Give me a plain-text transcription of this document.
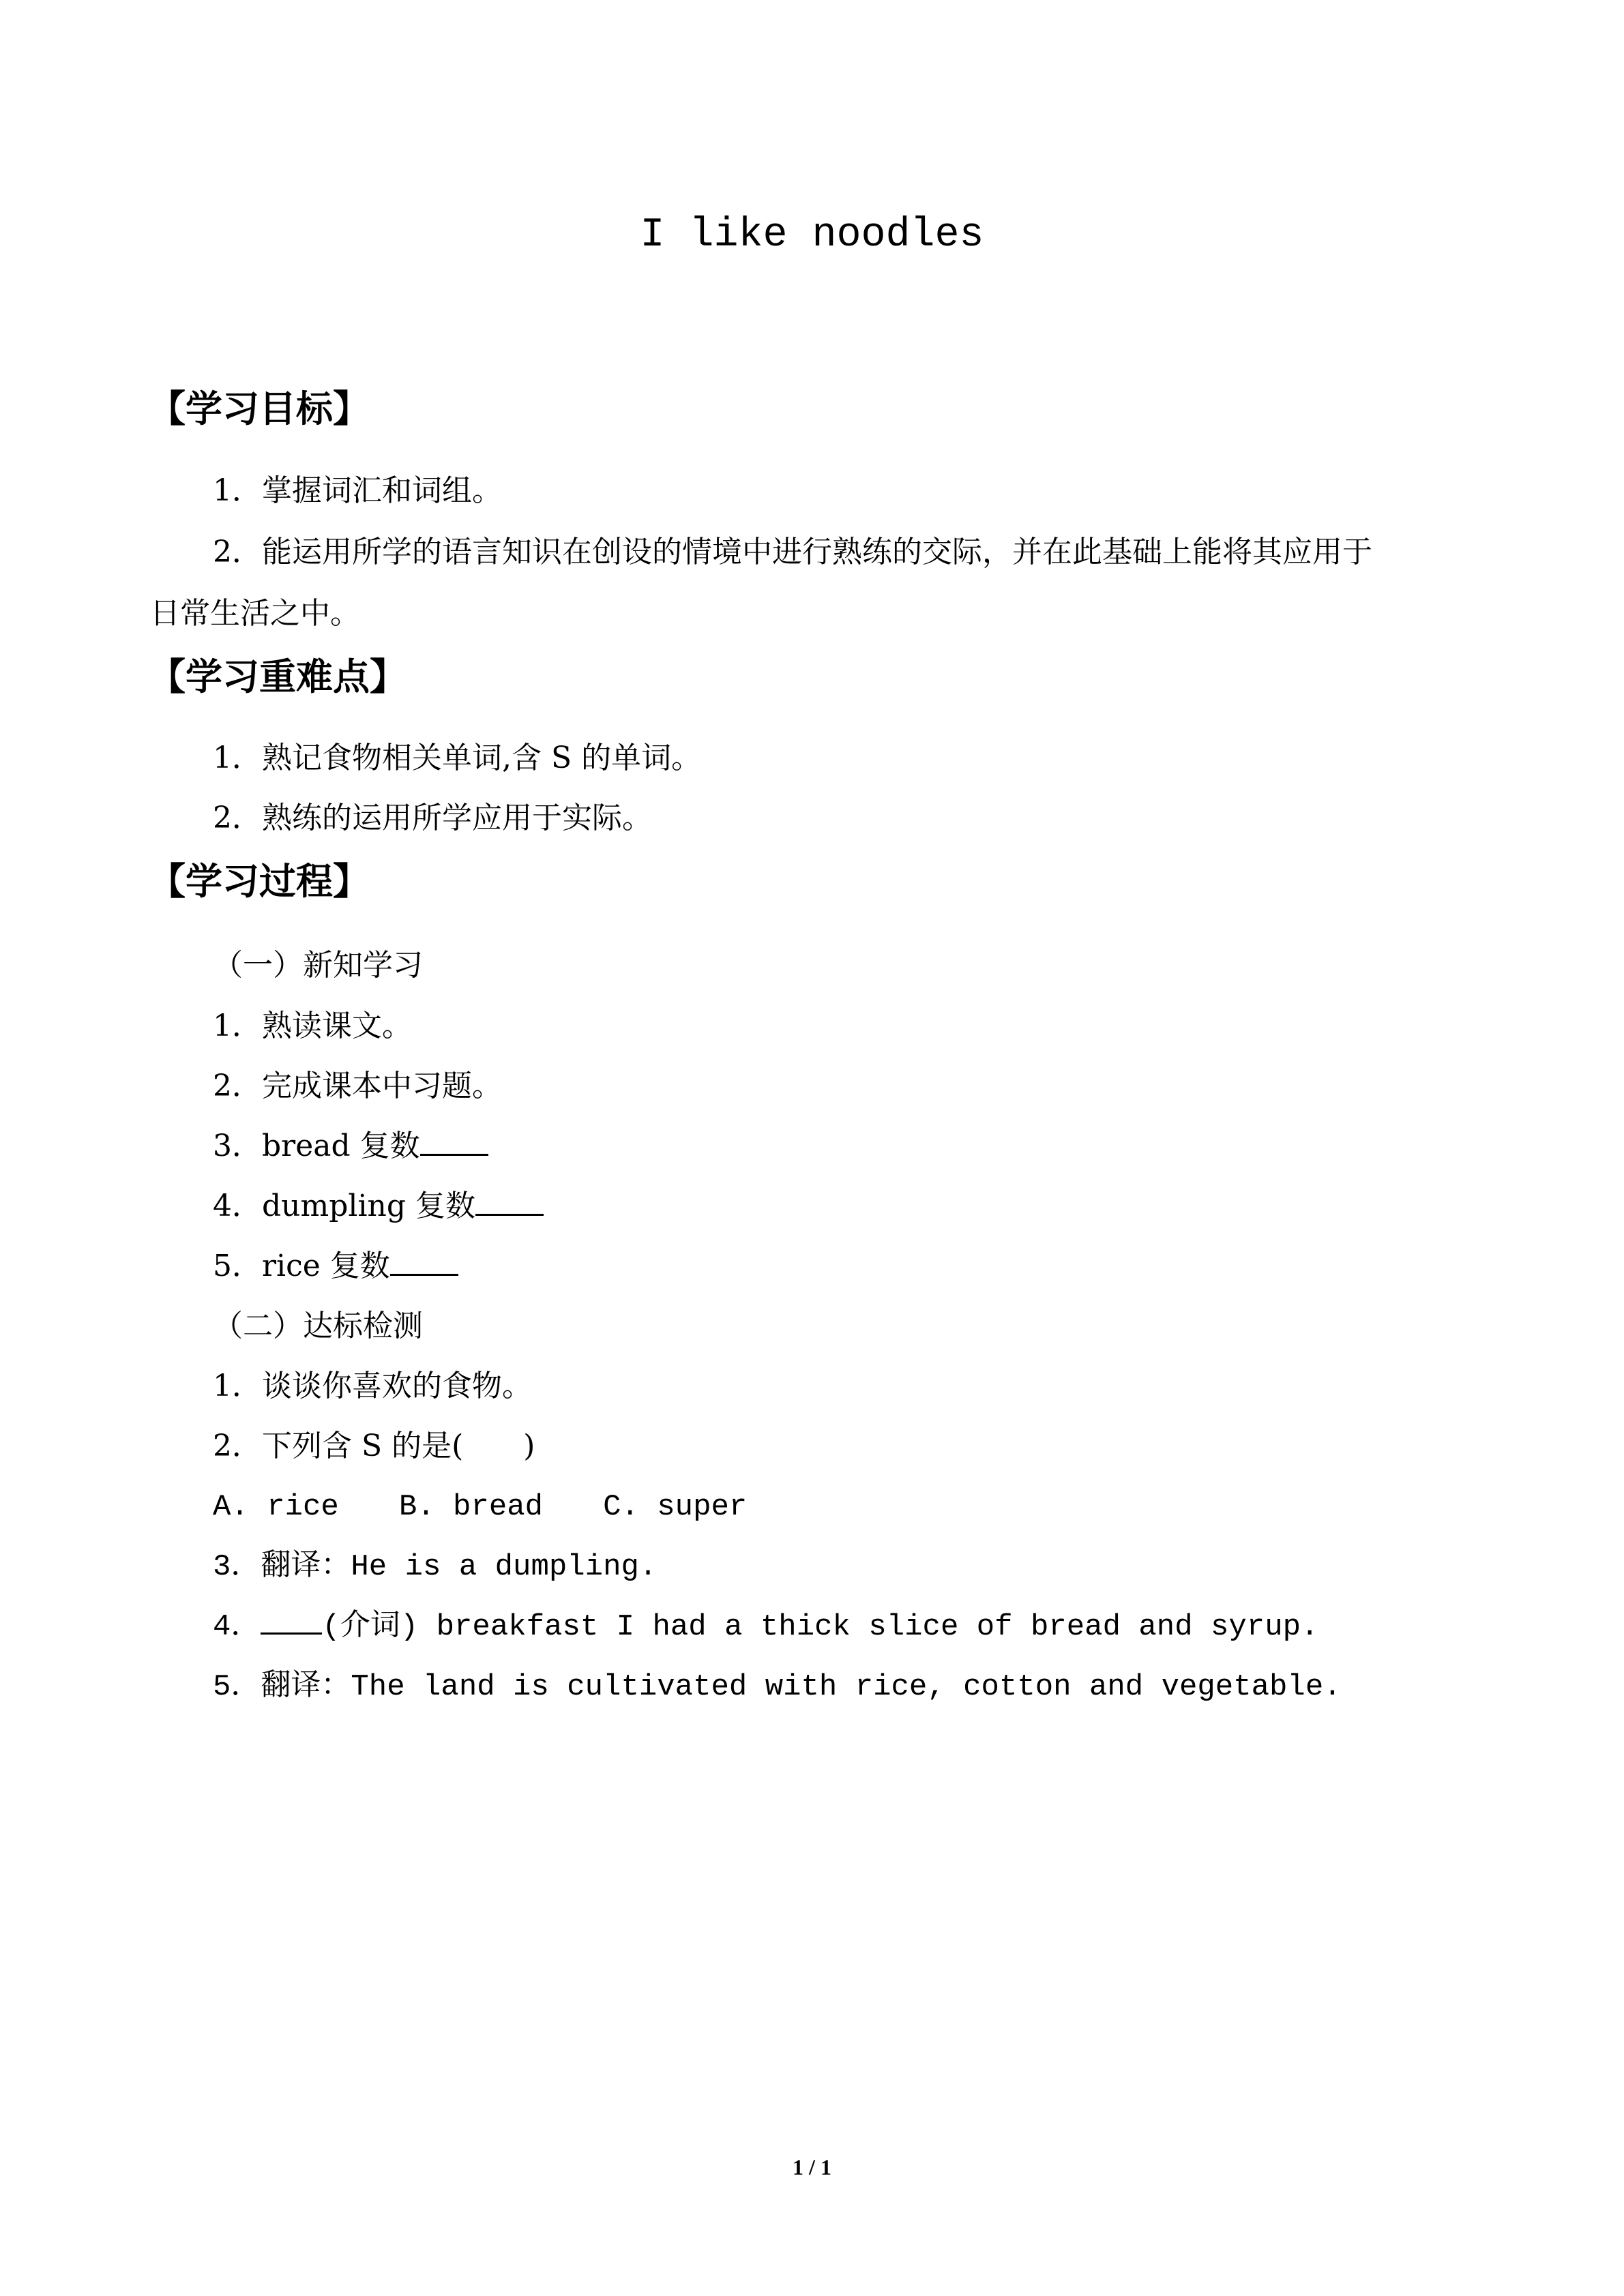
I like noodles
【学习目标】
1．掌握词汇和词组。
2．能运用所学的语言知识在创设的情境中进行熟练的交际，并在此基础上能将其应用于
日常生活之中。
【学习重难点】
1．熟记食物相关单词,含 S 的单词。
2．熟练的运用所学应用于实际。
【学习过程】
（一）新知学习
1．熟读课文。
2．完成课本中习题。
3．bread 复数
4．dumpling 复数
5．rice 复数
（二）达标检测
1．谈谈你喜欢的食物。
2．下列含 S 的是(　　)
A. rice　　B. bread　　C. super
3．翻译：He is a dumpling.
4． (介词) breakfast I had a thick slice of bread and syrup.
5．翻译：The land is cultivated with rice, cotton and vegetable.
1 / 1
